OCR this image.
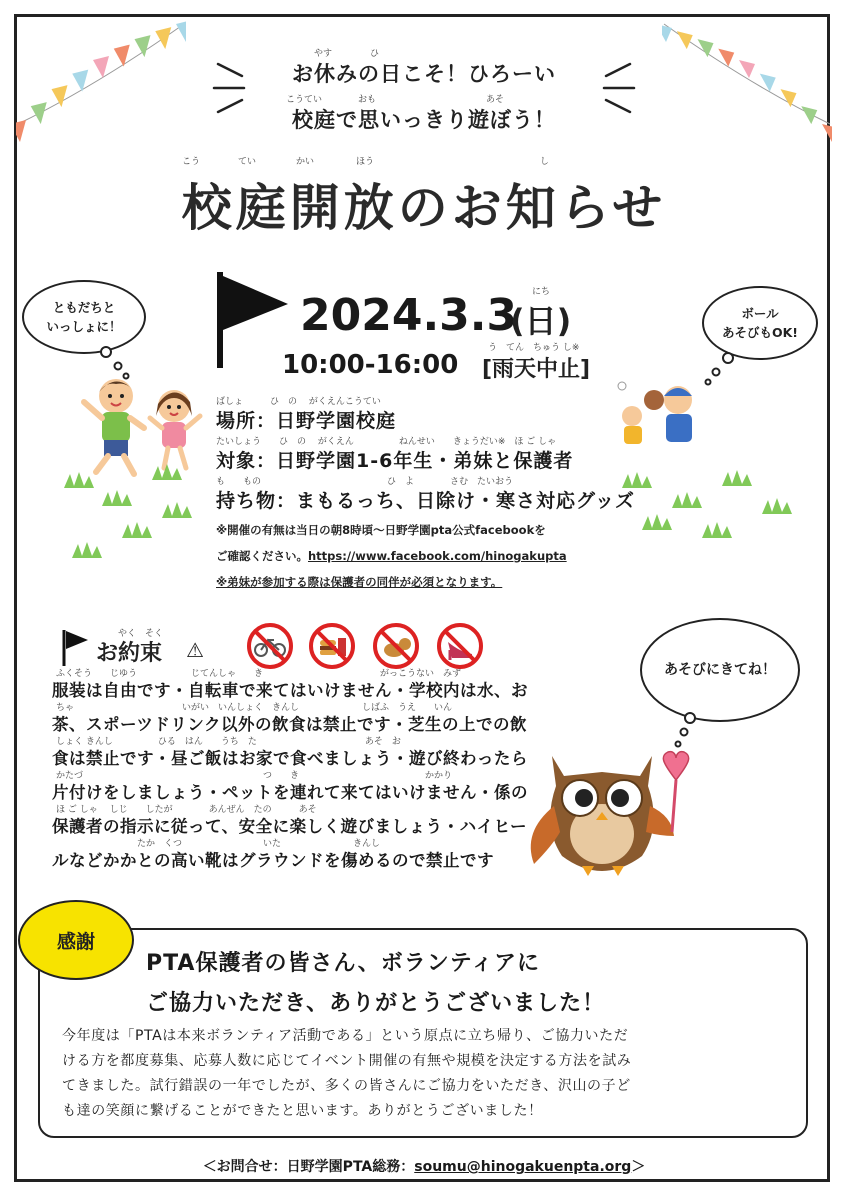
やす	ひ
お休みの日こそ！ひろーい
こうてい	おも	あそ
校庭で思いっきり遊ぼう！
こう	てい	かい	ほう	し
校庭開放のお知らせ
にち
2024.3.3
(日)
う　てん　ちゅう し※
10:00-16:00 [雨天中止]
ばしょ　　　ひ　の　 がくえんこうてい
場所：日野学園校庭
たいしょう　　ひ　の　 がくえん　　　　　ねんせい　　きょうだい※　ほ ご しゃ
対象：日野学園1-6年生・弟妹と保護者
も　　もの　　　　　　　　　　　　　　ひ　よ　　　　さむ　たいおう
持ち物：まもるっち、日除け・寒さ対応グッズ
※開催の有無は当日の朝8時頃～日野学園pta公式facebookを
ご確認ください。https://www.facebook.com/hinogakupta
※弟妹が参加する際は保護者の同伴が必須となります。
ともだちと
いっしょに！
ボール
あそびもOK!
やく　そく
お約束 ⚠
ふくそう　　じゆう　　　　　　じてんしゃ　　き　　　　　　　　　　　　　がっこうない　みず
服装は自由です・自転車で来てはいけません・学校内は水、お
ちゃ　　　　　　　　　　　　いがい　いんしょく　きんし　　　　　　　しばふ　うえ　　いん
茶、スポーツドリンク以外の飲食は禁止です・芝生の上での飲
しょく きんし　　　　　ひる　はん　　うち　た　　　　　　　　　　　　あそ　お
食は禁止です・昼ご飯はお家で食べましょう・遊び終わったら
かたづ　　　　　　　　　　　　　　　　　　　　つ　　き　　　　　　　　　　　　　　かかり
片付けをしましょう・ペットを連れて来てはいけません・係の
ほ ご しゃ　 しじ　　したが　　　　あんぜん　たの　　　あそ
保護者の指示に従って、安全に楽しく遊びましょう・ハイヒー
　　　　　　　　　たか　くつ　　　　　　　　　いた　　　　　　　　きんし
ルなどかかとの高い靴はグラウンドを傷めるので禁止です
あそびにきてね！
感謝
PTA保護者の皆さん、ボランティアに
ご協力いただき、ありがとうございました！
今年度は「PTAは本来ボランティア活動である」という原点に立ち帰り、ご協力いただ
ける方を都度募集、応募人数に応じてイベント開催の有無や規模を決定する方法を試み
てきました。試行錯誤の一年でしたが、多くの皆さんにご協力をいただき、沢山の子ど
も達の笑顔に繋げることができたと思います。ありがとうございました！
＜お問合せ：日野学園PTA総務：soumu@hinogakuenpta.org＞
